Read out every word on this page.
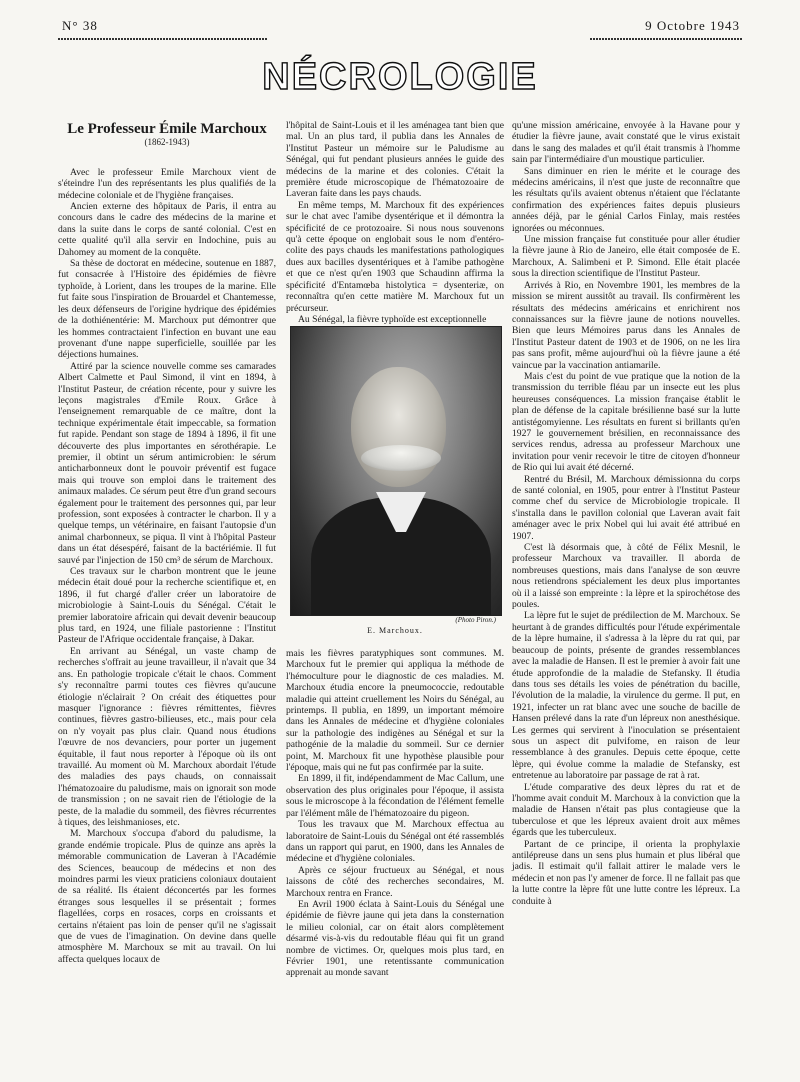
N° 38	9 Octobre 1943
NÉCROLOGIE
Le Professeur Émile Marchoux
(1862-1943)

Avec le professeur Emile Marchoux vient de s'éteindre l'un des représentants les plus qualifiés de la médecine coloniale et de l'hygiène françaises.

Ancien externe des hôpitaux de Paris, il entra au concours dans le cadre des médecins de la marine et dans la suite dans le corps de santé colonial. C'est en cette qualité qu'il alla servir en Indochine, puis au Dahomey au moment de la conquête.

Sa thèse de doctorat en médecine, soutenue en 1887, fut consacrée à l'Histoire des épidémies de fièvre typhoïde, à Lorient, dans les troupes de la marine. Elle fut faite sous l'inspiration de Brouardel et Chantemesse, les deux défenseurs de l'origine hydrique des épidémies de la dothiénentérie: M. Marchoux put démontrer que les hommes contractaient l'infection en buvant une eau provenant d'une nappe superficielle, souillée par les déjections humaines.

Attiré par la science nouvelle comme ses camarades Albert Calmette et Paul Simond, il vint en 1894, à l'Institut Pasteur, de création récente, pour y suivre les leçons magistrales d'Emile Roux. Grâce à l'enseignement remarquable de ce maître, dont la technique expérimentale était impeccable, sa formation fut rapide. Pendant son stage de 1894 à 1896, il fit une découverte des plus importantes en sérothérapie. Le premier, il obtint un sérum antimicrobien: le sérum anticharbonneux dont le pouvoir préventif est fugace mais qui trouve son emploi dans le traitement des animaux malades. Ce sérum peut être d'un grand secours également pour le traitement des personnes qui, par leur profession, sont exposées à contracter le charbon. Il y a quelque temps, un vétérinaire, en faisant l'autopsie d'un animal charbonneux, se piqua. Il vint à l'hôpital Pasteur dans un état désespéré, faisant de la bactériémie. Il fut sauvé par l'injection de 150 cm³ de sérum de Marchoux.

Ces travaux sur le charbon montrent que le jeune médecin était doué pour la recherche scientifique et, en 1896, il fut chargé d'aller créer un laboratoire de microbiologie à Saint-Louis du Sénégal. C'était le premier laboratoire africain qui devait devenir beaucoup plus tard, en 1924, une filiale pastorienne : l'Institut Pasteur de l'Afrique occidentale française, à Dakar.

En arrivant au Sénégal, un vaste champ de recherches s'offrait au jeune travailleur, il n'avait que 34 ans. En pathologie tropicale c'était le chaos. Comment s'y reconnaître parmi toutes ces fièvres qu'aucune étiologie n'éclairait ? On créait des étiquettes pour masquer l'ignorance : fièvres rémittentes, fièvres continues, fièvres gastro-bilieuses, etc., mais pour cela on n'y voyait pas plus clair. Quand nous étudions l'œuvre de nos devanciers, pour porter un jugement équitable, il faut nous reporter à l'époque où ils ont travaillé. Au moment où M. Marchoux abordait l'étude des maladies des pays chauds, on connaissait l'hématozoaire du paludisme, mais on ignorait son mode de transmission ; on ne savait rien de l'étiologie de la peste, de la maladie du sommeil, des fièvres récurrentes à tiques, des leishmanioses, etc.

M. Marchoux s'occupa d'abord du paludisme, la grande endémie tropicale. Plus de quinze ans après la mémorable communication de Laveran à l'Académie des Sciences, beaucoup de médecins et non des moindres parmi les vieux praticiens coloniaux doutaient de sa réalité. Ils étaient déconcertés par les formes étranges sous lesquelles il se présentait ; formes flagellées, corps en rosaces, corps en croissants et certains n'étaient pas loin de penser qu'il ne s'agissait que de vues de l'imagination. On devine dans quelle atmosphère M. Marchoux se mit au travail. On lui affecta quelques locaux de

l'hôpital de Saint-Louis et il les aménagea tant bien que mal. Un an plus tard, il publia dans les Annales de l'Institut Pasteur un mémoire sur le Paludisme au Sénégal, qui fut pendant plusieurs années le guide des médecins de la marine et des colonies. C'était la première étude microscopique de l'hématozoaire de Laveran faite dans les pays chauds.

En même temps, M. Marchoux fit des expériences sur le chat avec l'amibe dysentérique et il démontra la spécificité de ce protozoaire. Si nous nous souvenons qu'à cette époque on englobait sous le nom d'entéro-colite des pays chauds les manifestations pathologiques dues aux bacilles dysentériques et à l'amibe pathogène et que ce n'est qu'en 1903 que Schaudinn affirma la spécificité d'Entamœba histolytica = dysenteriæ, on reconnaîtra qu'en cette matière M. Marchoux fut un précurseur.

Au Sénégal, la fièvre typhoïde est exceptionnelle

(Photo Piron.)
E. Marchoux.

mais les fièvres paratyphiques sont communes. M. Marchoux fut le premier qui appliqua la méthode de l'hémoculture pour le diagnostic de ces maladies. M. Marchoux étudia encore la pneumococcie, redoutable maladie qui atteint cruellement les Noirs du Sénégal, au printemps. Il publia, en 1899, un important mémoire dans les Annales de médecine et d'hygiène coloniales sur la pathologie des indigènes au Sénégal et sur la pathogénie de la maladie du sommeil. Sur ce dernier point, M. Marchoux fit une hypothèse plausible pour l'époque, mais qui ne fut pas confirmée par la suite.

En 1899, il fit, indépendamment de Mac Callum, une observation des plus originales pour l'époque, il assista sous le microscope à la fécondation de l'élément femelle par l'élément mâle de l'hématozoaire du pigeon.

Tous les travaux que M. Marchoux effectua au laboratoire de Saint-Louis du Sénégal ont été rassemblés dans un rapport qui parut, en 1900, dans les Annales de médecine et d'hygiène coloniales.

Après ce séjour fructueux au Sénégal, et nous laissons de côté des recherches secondaires, M. Marchoux rentra en France.

En Avril 1900 éclata à Saint-Louis du Sénégal une épidémie de fièvre jaune qui jeta dans la consternation le milieu colonial, car on était alors complètement désarmé vis-à-vis du redoutable fléau qui fit un grand nombre de victimes. Or, quelques mois plus tard, en Février 1901, une retentissante communication apprenait au monde savant

qu'une mission américaine, envoyée à la Havane pour y étudier la fièvre jaune, avait constaté que le virus existait dans le sang des malades et qu'il était transmis à l'homme sain par l'intermédiaire d'un moustique particulier.

Sans diminuer en rien le mérite et le courage des médecins américains, il n'est que juste de reconnaître que les résultats qu'ils avaient obtenus n'étaient que l'éclatante confirmation des expériences faites depuis plusieurs années déjà, par le génial Carlos Finlay, mais restées ignorées ou méconnues.

Une mission française fut constituée pour aller étudier la fièvre jaune à Rio de Janeiro, elle était composée de E. Marchoux, A. Salimbeni et P. Simond. Elle était placée sous la direction scientifique de l'Institut Pasteur.

Arrivés à Rio, en Novembre 1901, les membres de la mission se mirent aussitôt au travail. Ils confirmèrent les résultats des médecins américains et enrichirent nos connaissances sur la fièvre jaune de notions nouvelles. Bien que leurs Mémoires parus dans les Annales de l'Institut Pasteur datent de 1903 et de 1906, on ne les lira pas sans profit, même aujourd'hui où la fièvre jaune a été vaincue par la vaccination antiamarile.

Mais c'est du point de vue pratique que la notion de la transmission du terrible fléau par un insecte eut les plus heureuses conséquences. La mission française établit le plan de défense de la capitale brésilienne basé sur la lutte antistégomyienne. Les résultats en furent si brillants qu'en 1927 le gouvernement brésilien, en reconnaissance des services rendus, adressa au professeur Marchoux une invitation pour venir recevoir le titre de citoyen d'honneur de Rio qui lui avait été décerné.

Rentré du Brésil, M. Marchoux démissionna du corps de santé colonial, en 1905, pour entrer à l'Institut Pasteur comme chef du service de Microbiologie tropicale. Il s'installa dans le pavillon colonial que Laveran avait fait aménager avec le prix Nobel qui lui avait été attribué en 1907.

C'est là désormais que, à côté de Félix Mesnil, le professeur Marchoux va travailler. Il aborda de nombreuses questions, mais dans l'analyse de son œuvre nous retiendrons spécialement les deux plus importantes où il a laissé son empreinte : la lèpre et la spirochétose des poules.

La lèpre fut le sujet de prédilection de M. Marchoux. Se heurtant à de grandes difficultés pour l'étude expérimentale de la lèpre humaine, il s'adressa à la lèpre du rat qui, par beaucoup de points, présente de grandes ressemblances avec la maladie de Hansen. Il est le premier à avoir fait une étude approfondie de la maladie de Stefansky. Il étudia dans tous ses détails les voies de pénétration du bacille, l'évolution de la maladie, la virulence du germe. Il put, en 1921, infecter un rat blanc avec une souche de bacille de Hansen prélevé dans la rate d'un lépreux non anesthésique. Les germes qui servirent à l'inoculation se présentaient sous un aspect dit pulvifome, en raison de leur ressemblance à des granules. Depuis cette époque, cette lèpre, qui évolue comme la maladie de Stefansky, est entretenue au laboratoire par passage de rat à rat.

L'étude comparative des deux lèpres du rat et de l'homme avait conduit M. Marchoux à la conviction que la maladie de Hansen n'était pas plus contagieuse que la tuberculose et que les lépreux avaient droit aux mêmes égards que les tuberculeux.

Partant de ce principe, il orienta la prophylaxie antilépreuse dans un sens plus humain et plus libéral que jadis. Il estimait qu'il fallait attirer le malade vers le médecin et non pas l'y amener de force. Il ne fallait pas que la lutte contre la lèpre fût une lutte contre les lépreux. La conduite à
